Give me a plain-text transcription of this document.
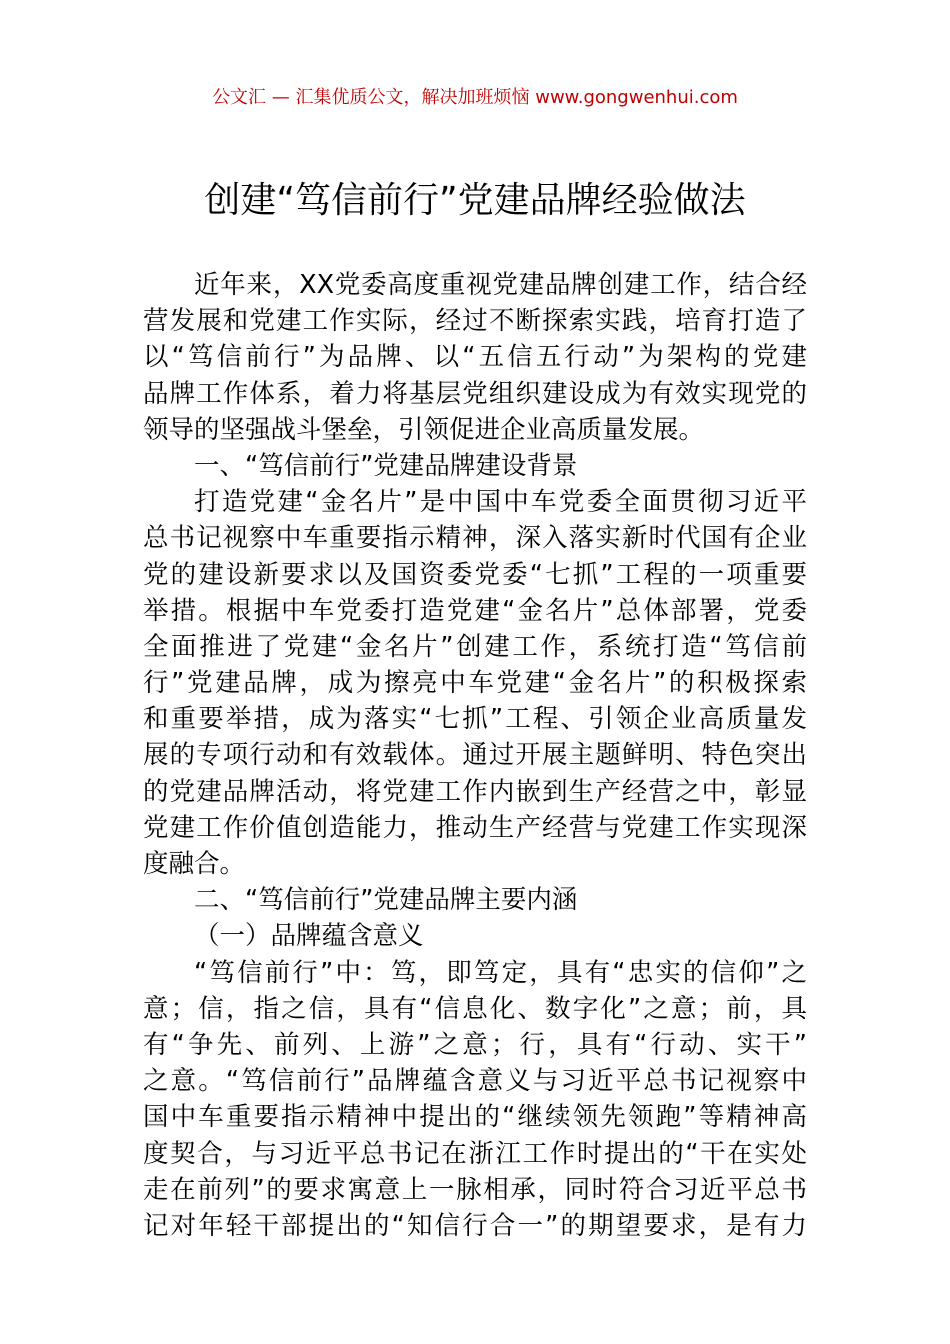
公文汇 — 汇集优质公文，解决加班烦恼 www.gongwenhui.com
创建“笃信前行”党建品牌经验做法
近年来，XX党委高度重视党建品牌创建工作，结合经
营发展和党建工作实际，经过不断探索实践，培育打造了
以“笃信前行”为品牌、以“五信五行动”为架构的党建
品牌工作体系，着力将基层党组织建设成为有效实现党的
领导的坚强战斗堡垒，引领促进企业高质量发展。
一、“笃信前行”党建品牌建设背景
打造党建“金名片”是中国中车党委全面贯彻习近平
总书记视察中车重要指示精神，深入落实新时代国有企业
党的建设新要求以及国资委党委“七抓”工程的一项重要
举措。根据中车党委打造党建“金名片”总体部署，党委
全面推进了党建“金名片”创建工作，系统打造“笃信前
行”党建品牌，成为擦亮中车党建“金名片”的积极探索
和重要举措，成为落实“七抓”工程、引领企业高质量发
展的专项行动和有效载体。通过开展主题鲜明、特色突出
的党建品牌活动，将党建工作内嵌到生产经营之中，彰显
党建工作价值创造能力，推动生产经营与党建工作实现深
度融合。
二、“笃信前行”党建品牌主要内涵
（一）品牌蕴含意义
“笃信前行”中：笃，即笃定，具有“忠实的信仰”之
意；信，指之信，具有“信息化、数字化”之意；前，具
有“争先、前列、上游”之意；行，具有“行动、实干”
之意。“笃信前行”品牌蕴含意义与习近平总书记视察中
国中车重要指示精神中提出的“继续领先领跑”等精神高
度契合，与习近平总书记在浙江工作时提出的“干在实处
走在前列”的要求寓意上一脉相承，同时符合习近平总书
记对年轻干部提出的“知信行合一”的期望要求，是有力
